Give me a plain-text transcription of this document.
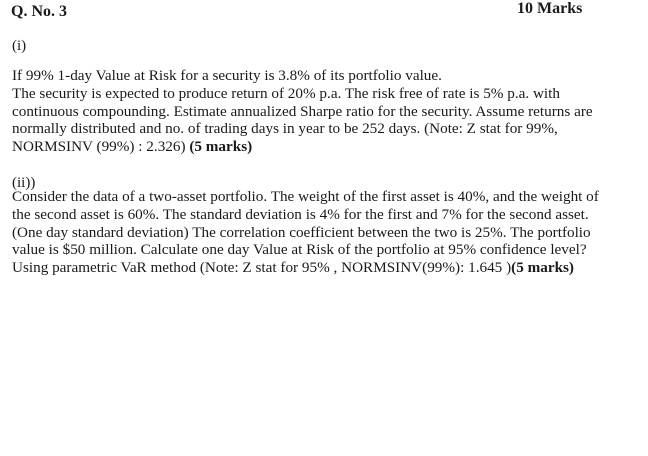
Q. No. 3	10 Marks
(i)
If 99% 1-day Value at Risk for a security is 3.8% of its portfolio value.
The security is expected to produce return of 20% p.a. The risk free of rate is 5% p.a. with
continuous compounding. Estimate annualized Sharpe ratio for the security. Assume returns are
normally distributed and no. of trading days in year to be 252 days. (Note: Z stat for 99%,
NORMSINV (99%) : 2.326) (5 marks)
(ii))
Consider the data of a two-asset portfolio. The weight of the first asset is 40%, and the weight of
the second asset is 60%. The standard deviation is 4% for the first and 7% for the second asset.
(One day standard deviation) The correlation coefficient between the two is 25%. The portfolio
value is $50 million. Calculate one day Value at Risk of the portfolio at 95% confidence level?
Using parametric VaR method (Note: Z stat for 95% , NORMSINV(99%): 1.645 )(5 marks)
